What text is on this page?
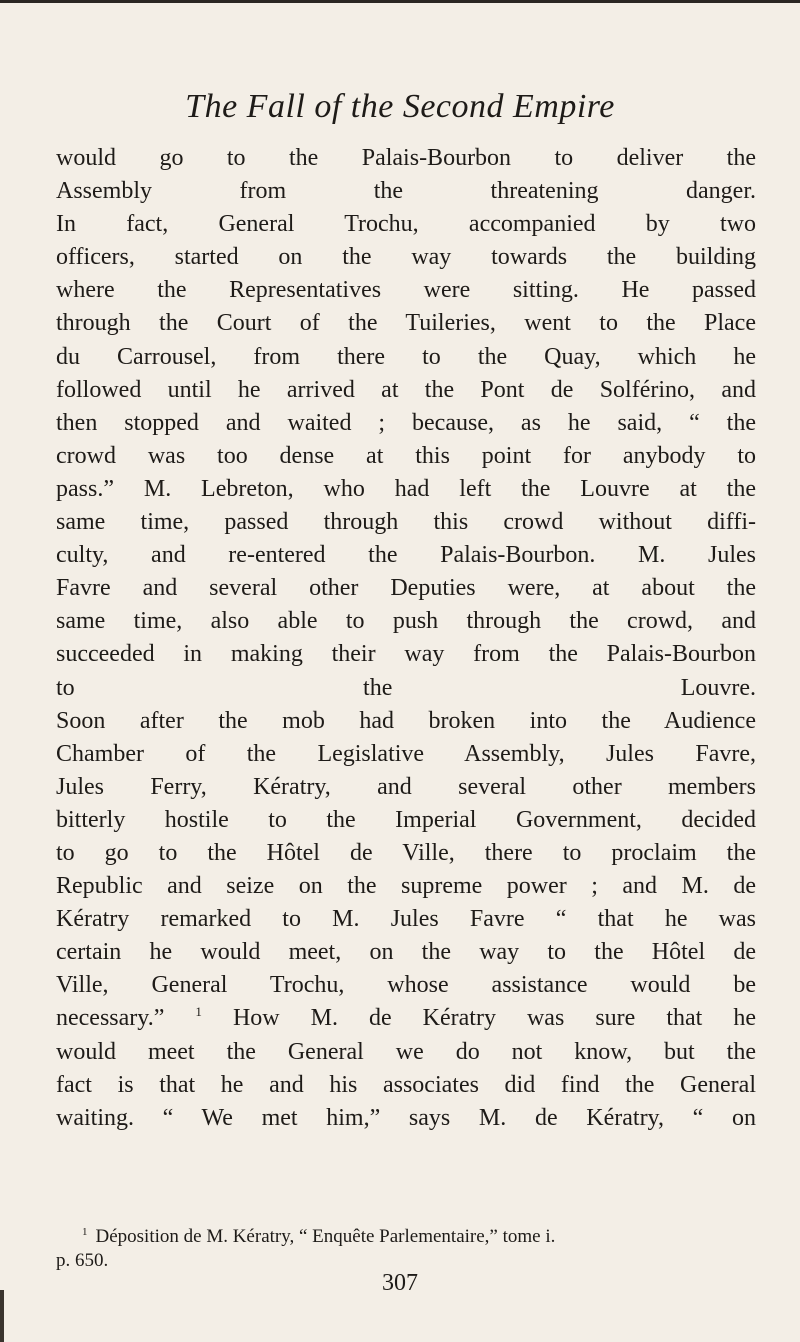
The Fall of the Second Empire

would go to the Palais-Bourbon to deliver the
Assembly from the threatening danger.

In fact, General Trochu, accompanied by two
officers, started on the way towards the building
where the Representatives were sitting. He passed
through the Court of the Tuileries, went to the Place
du Carrousel, from there to the Quay, which he
followed until he arrived at the Pont de Solférino, and
then stopped and waited ; because, as he said, “ the
crowd was too dense at this point for anybody to
pass.” M. Lebreton, who had left the Louvre at the
same time, passed through this crowd without diffi-
culty, and re-entered the Palais-Bourbon. M. Jules
Favre and several other Deputies were, at about the
same time, also able to push through the crowd, and
succeeded in making their way from the Palais-Bourbon
to the Louvre.

Soon after the mob had broken into the Audience
Chamber of the Legislative Assembly, Jules Favre,
Jules Ferry, Kératry, and several other members
bitterly hostile to the Imperial Government, decided
to go to the Hôtel de Ville, there to proclaim the
Republic and seize on the supreme power ; and M. de
Kératry remarked to M. Jules Favre “ that he was
certain he would meet, on the way to the Hôtel de
Ville, General Trochu, whose assistance would be
necessary.” $^1$ How M. de Kératry was sure that he
would meet the General we do not know, but the
fact is that he and his associates did find the General
waiting. “ We met him,” says M. de Kératry, “ on

$^1$ Déposition de M. Kératry, “ Enquête Parlementaire,” tome i.
p. 650.
307
